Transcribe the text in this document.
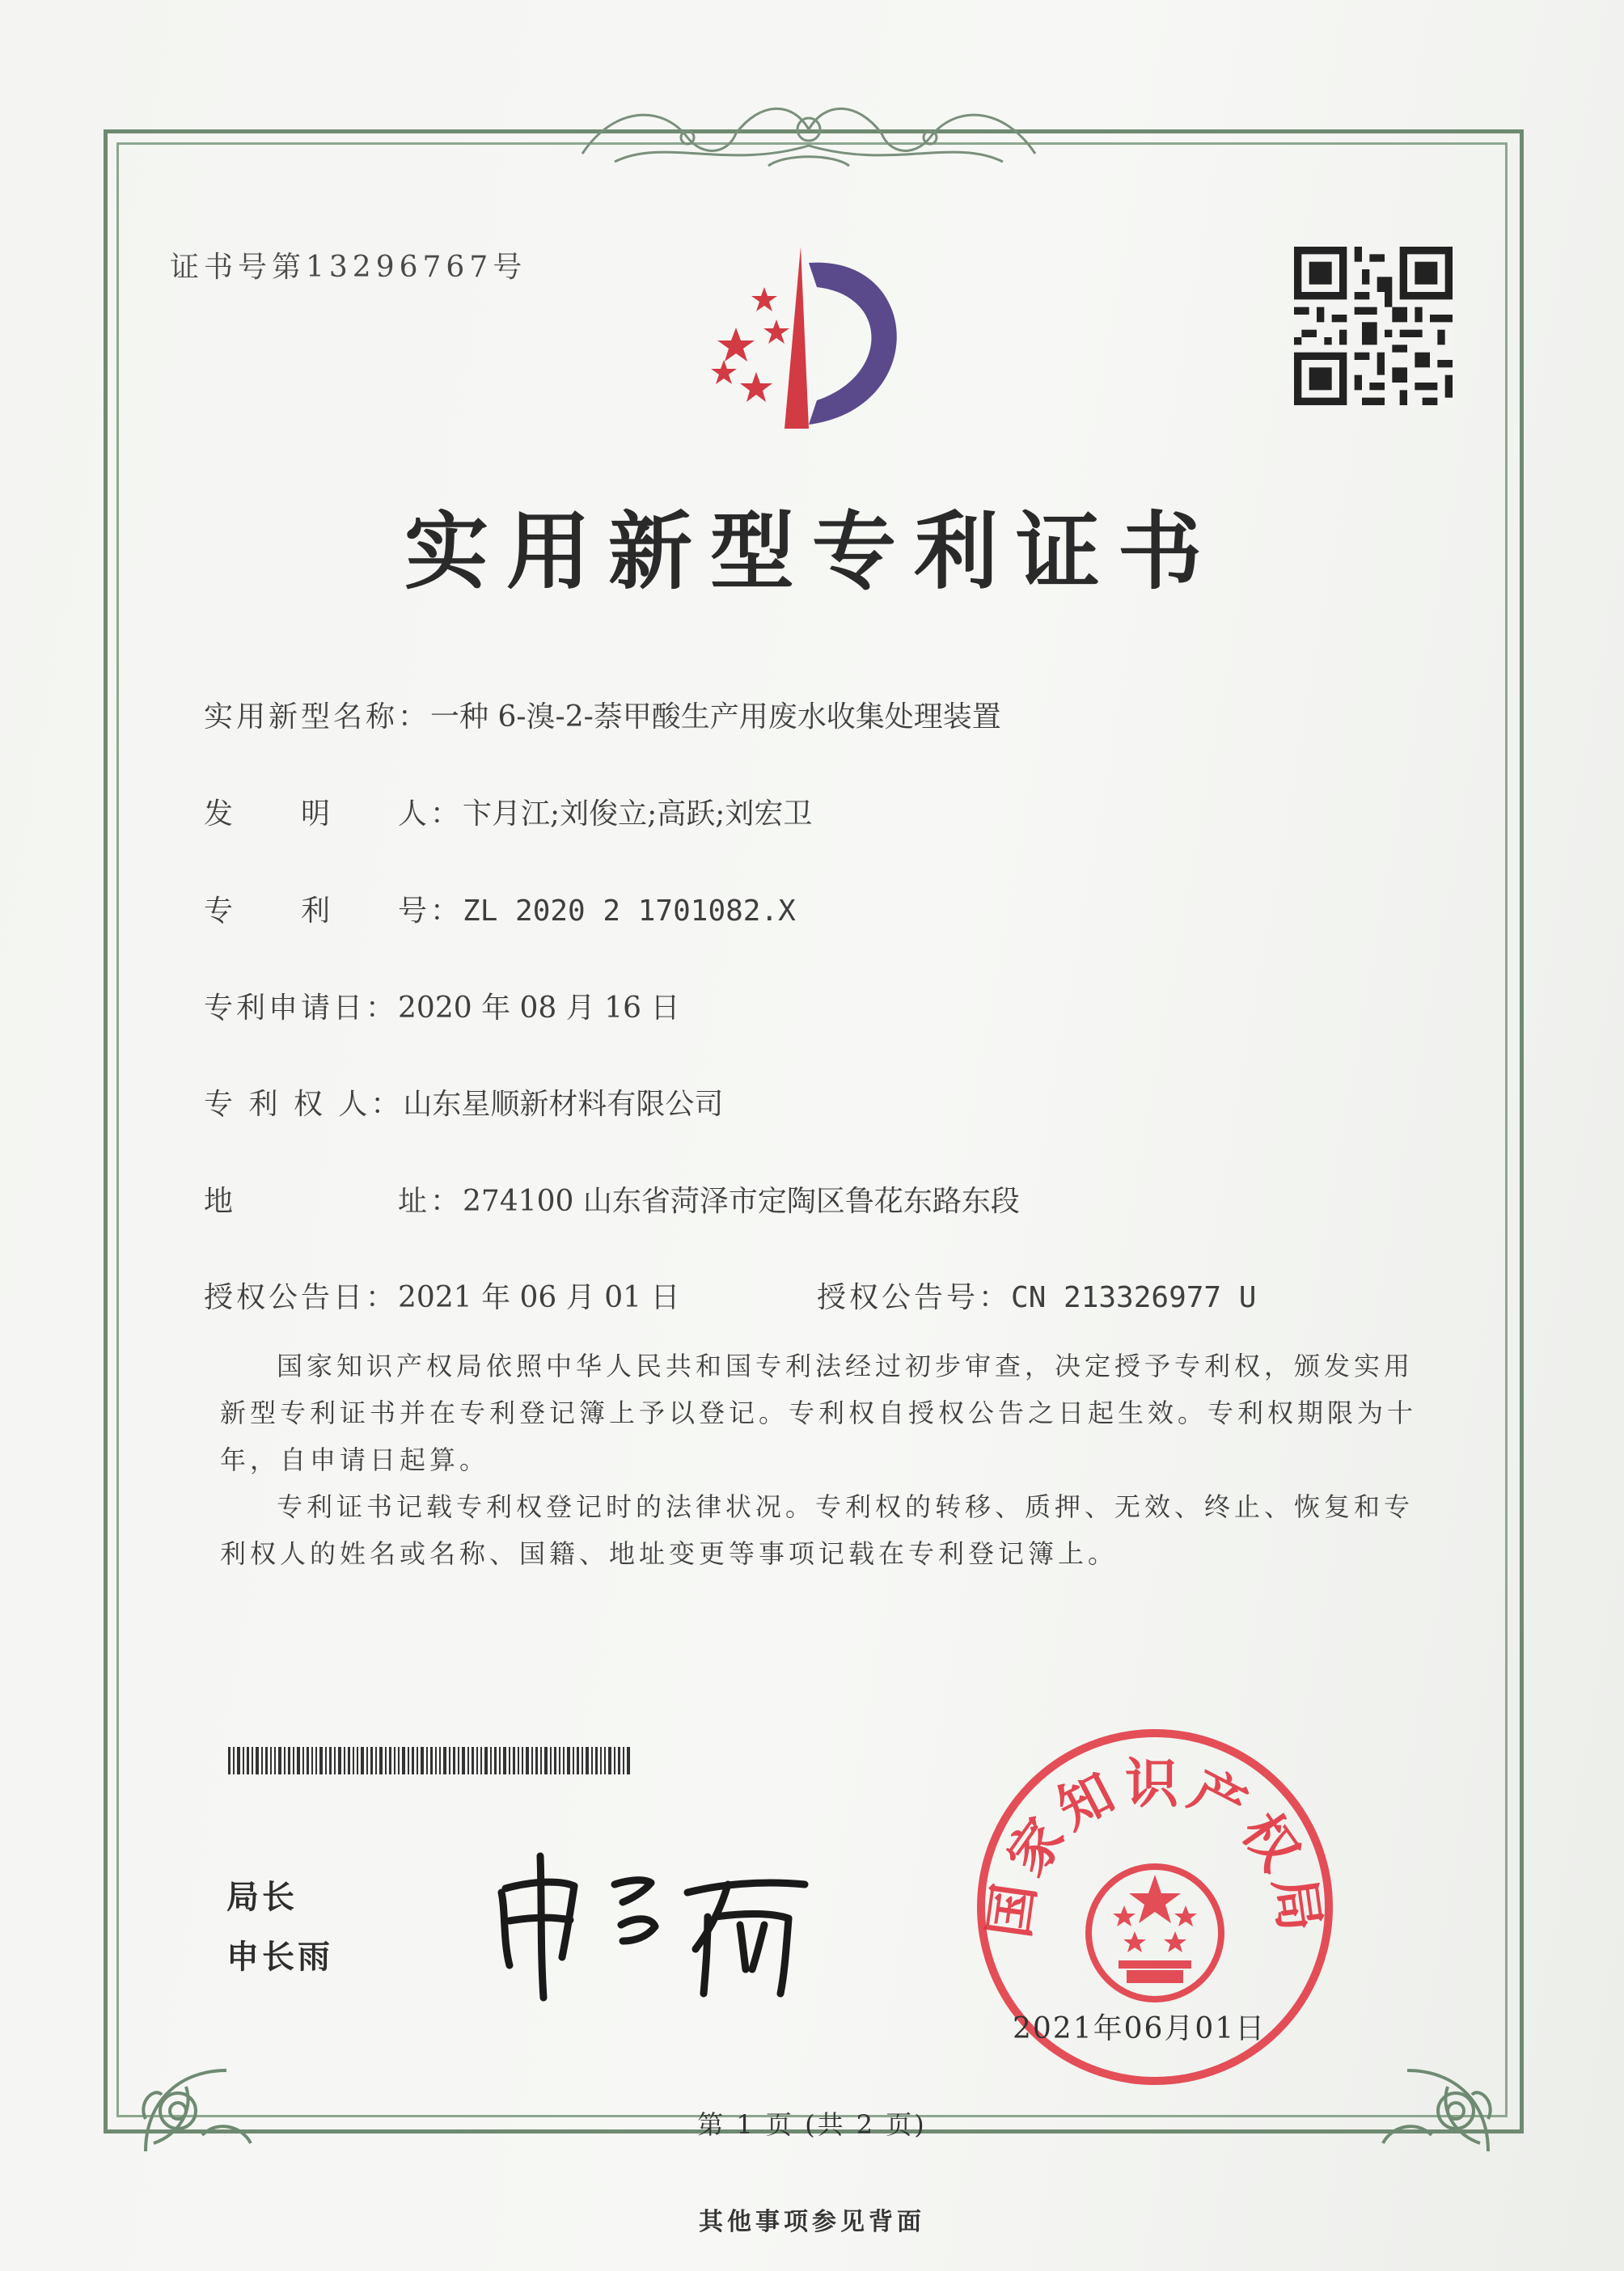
证书号第13296767号
实用新型专利证书
实用新型名称：一种 6-溴-2-萘甲酸生产用废水收集处理装置
发　　明　　人：卞月江;刘俊立;高跃;刘宏卫
专　　利　　号：ZL 2020 2 1701082.X
专利申请日：2020 年 08 月 16 日
专 利 权 人：山东星顺新材料有限公司
地　　　　　址：274100 山东省菏泽市定陶区鲁花东路东段
授权公告日：2021 年 06 月 01 日	授权公告号：CN 213326977 U
国家知识产权局依照中华人民共和国专利法经过初步审查，决定授予专利权，颁发实用新型专利证书并在专利登记簿上予以登记。专利权自授权公告之日起生效。专利权期限为十年，自申请日起算。
专利证书记载专利权登记时的法律状况。专利权的转移、质押、无效、终止、恢复和专利权人的姓名或名称、国籍、地址变更等事项记载在专利登记簿上。
局长
申长雨
国家知识产权局
2021年06月01日
第 1 页 (共 2 页)
其他事项参见背面
